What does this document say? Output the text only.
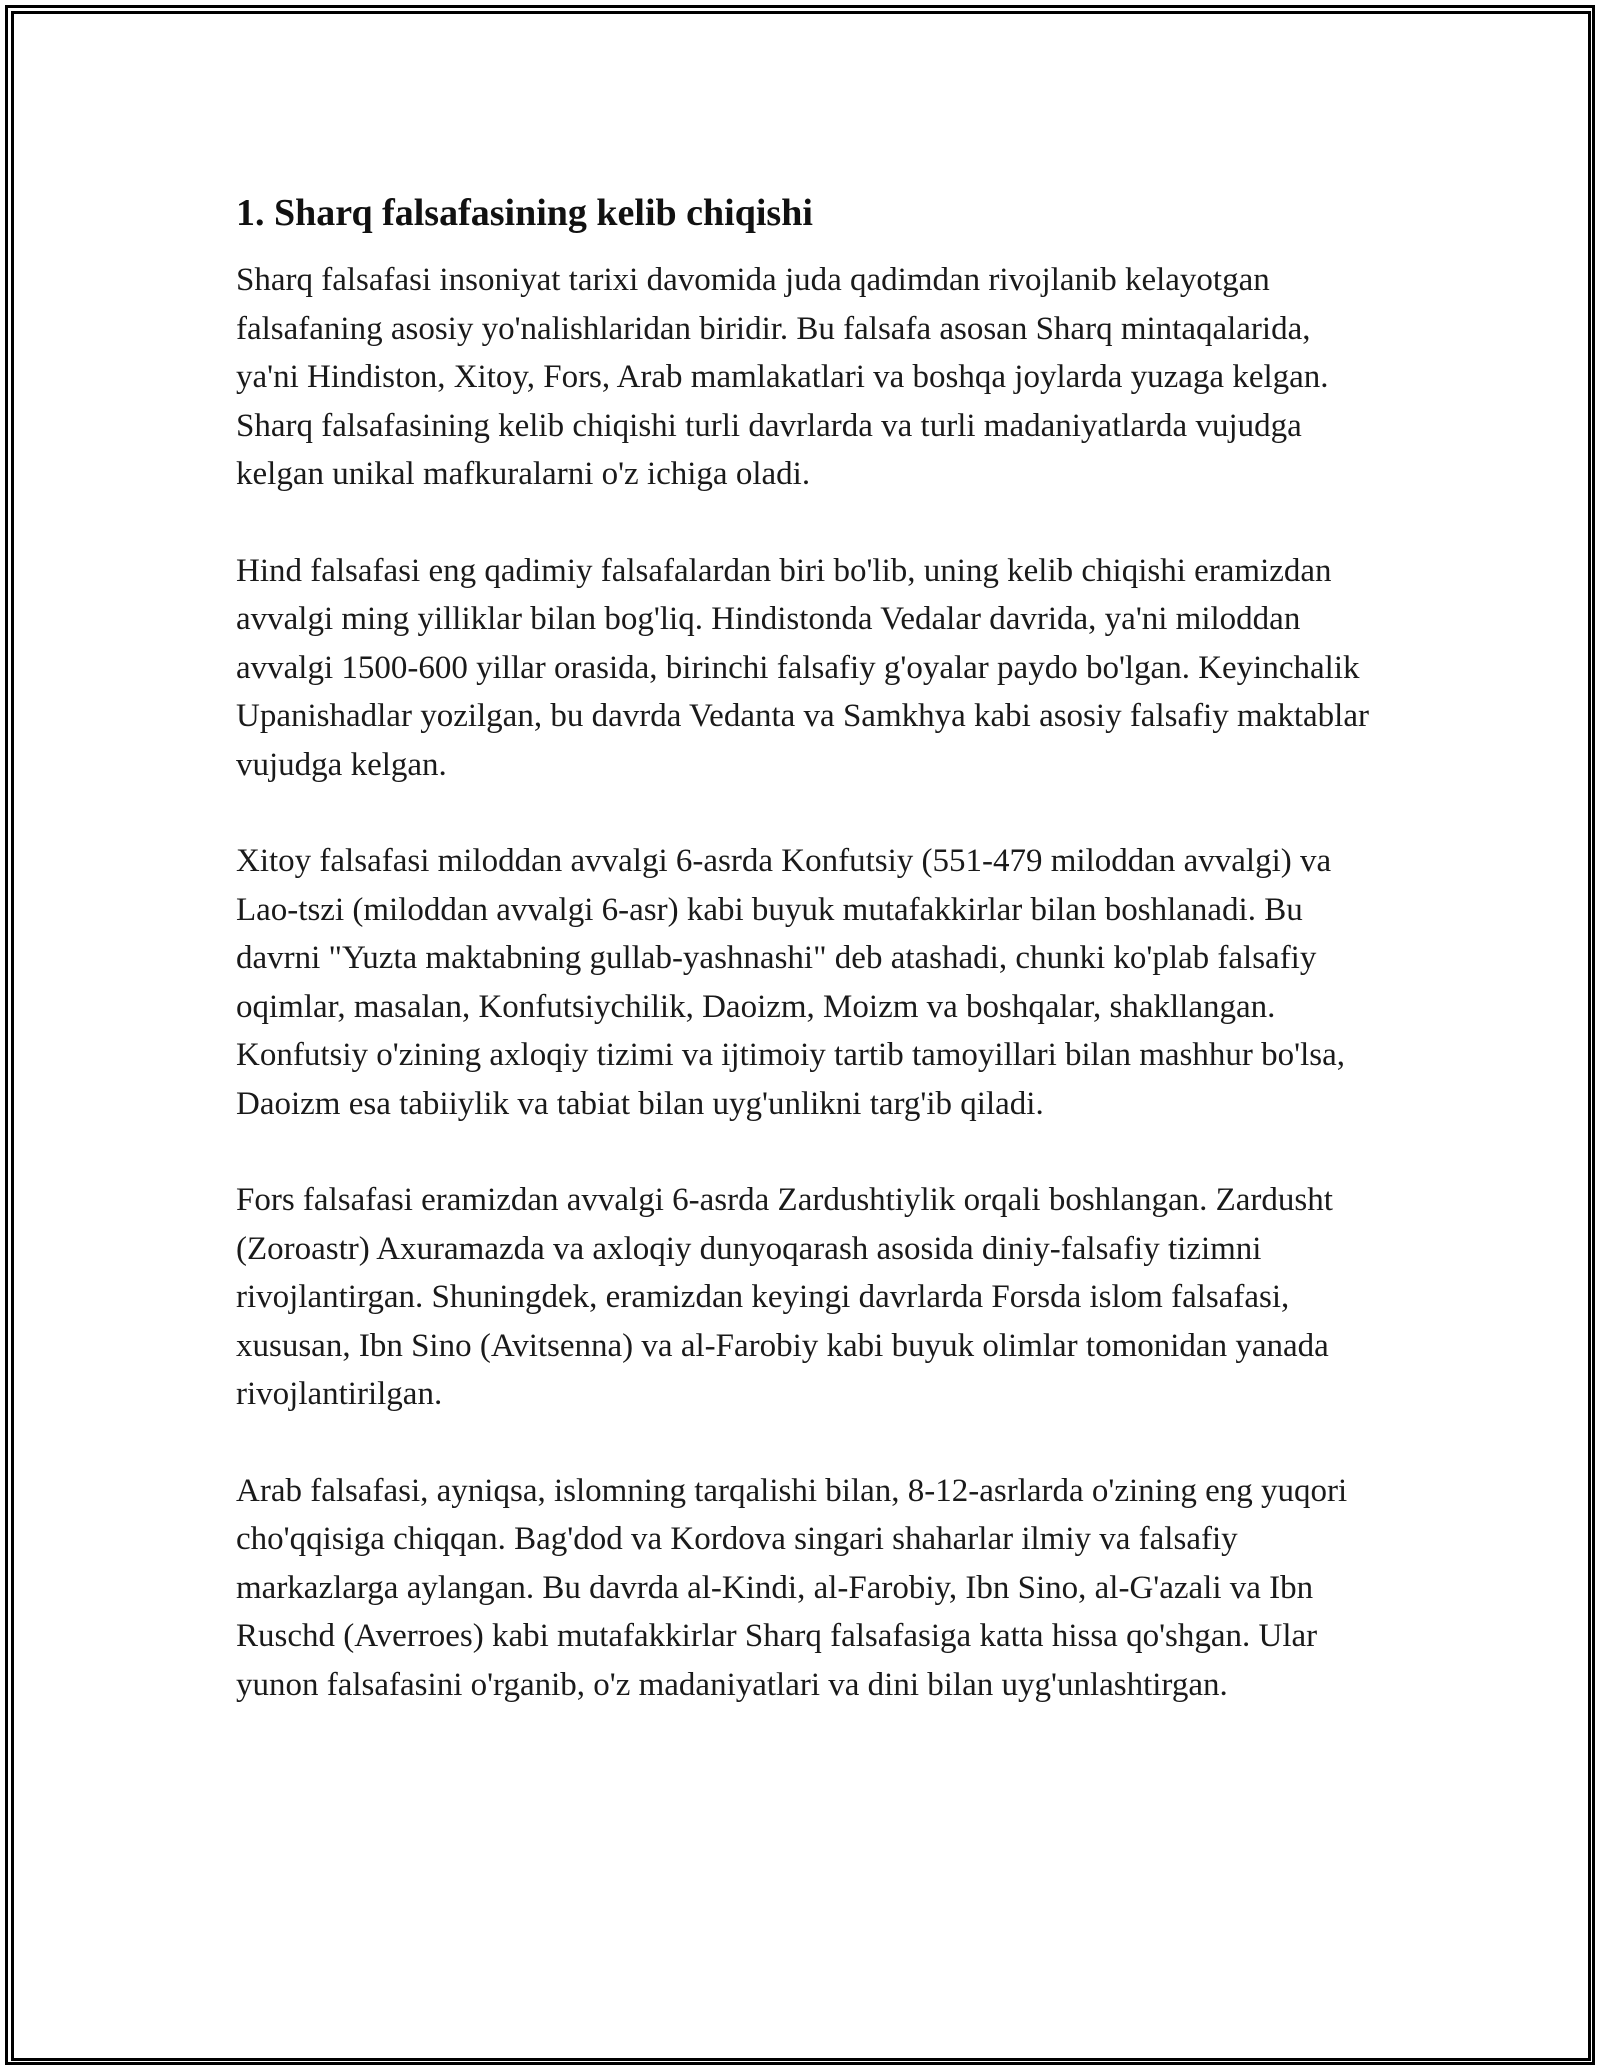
1. Sharq falsafasining kelib chiqishi

Sharq falsafasi insoniyat tarixi davomida juda qadimdan rivojlanib kelayotgan falsafaning asosiy yo'nalishlaridan biridir. Bu falsafa asosan Sharq mintaqalarida, ya'ni Hindiston, Xitoy, Fors, Arab mamlakatlari va boshqa joylarda yuzaga kelgan. Sharq falsafasining kelib chiqishi turli davrlarda va turli madaniyatlarda vujudga kelgan unikal mafkuralarni o'z ichiga oladi.

Hind falsafasi eng qadimiy falsafalardan biri bo'lib, uning kelib chiqishi eramizdan avvalgi ming yilliklar bilan bog'liq. Hindistonda Vedalar davrida, ya'ni miloddan avvalgi 1500-600 yillar orasida, birinchi falsafiy g'oyalar paydo bo'lgan. Keyinchalik Upanishadlar yozilgan, bu davrda Vedanta va Samkhya kabi asosiy falsafiy maktablar vujudga kelgan.

Xitoy falsafasi miloddan avvalgi 6-asrda Konfutsiy (551-479 miloddan avvalgi) va Lao-tszi (miloddan avvalgi 6-asr) kabi buyuk mutafakkirlar bilan boshlanadi. Bu davrni "Yuzta maktabning gullab-yashnashi" deb atashadi, chunki ko'plab falsafiy oqimlar, masalan, Konfutsiychilik, Daoizm, Moizm va boshqalar, shakllangan. Konfutsiy o'zining axloqiy tizimi va ijtimoiy tartib tamoyillari bilan mashhur bo'lsa, Daoizm esa tabiiylik va tabiat bilan uyg'unlikni targ'ib qiladi.

Fors falsafasi eramizdan avvalgi 6-asrda Zardushtiylik orqali boshlangan. Zardusht (Zoroastr) Axuramazda va axloqiy dunyoqarash asosida diniy-falsafiy tizimni rivojlantirgan. Shuningdek, eramizdan keyingi davrlarda Forsda islom falsafasi, xususan, Ibn Sino (Avitsenna) va al-Farobiy kabi buyuk olimlar tomonidan yanada rivojlantirilgan.

Arab falsafasi, ayniqsa, islomning tarqalishi bilan, 8-12-asrlarda o'zining eng yuqori cho'qqisiga chiqqan. Bag'dod va Kordova singari shaharlar ilmiy va falsafiy markazlarga aylangan. Bu davrda al-Kindi, al-Farobiy, Ibn Sino, al-G'azali va Ibn Ruschd (Averroes) kabi mutafakkirlar Sharq falsafasiga katta hissa qo'shgan. Ular yunon falsafasini o'rganib, o'z madaniyatlari va dini bilan uyg'unlashtirgan.
